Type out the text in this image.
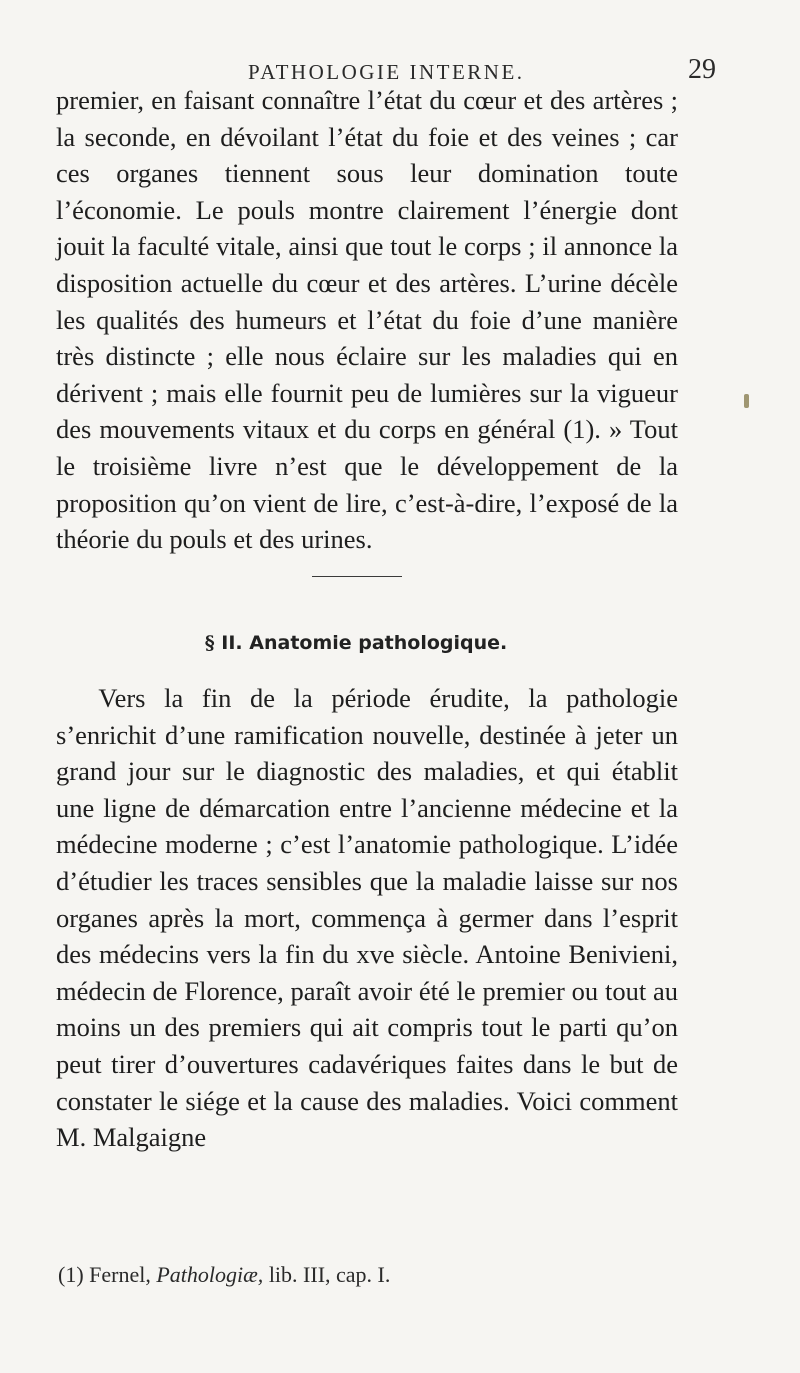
PATHOLOGIE INTERNE.	29

premier, en faisant connaître l’état du cœur et des artères ; la seconde, en dévoilant l’état du foie et des veines ; car ces organes tiennent sous leur domination toute l’économie. Le pouls montre clairement l’énergie dont jouit la faculté vitale, ainsi que tout le corps ; il annonce la disposition actuelle du cœur et des artères. L’urine décèle les qualités des humeurs et l’état du foie d’une manière très distincte ; elle nous éclaire sur les maladies qui en dérivent ; mais elle fournit peu de lumières sur la vigueur des mouvements vitaux et du corps en général (1). » Tout le troisième livre n’est que le développement de la proposition qu’on vient de lire, c’est-à-dire, l’exposé de la théorie du pouls et des urines.

§ II. Anatomie pathologique.

Vers la fin de la période érudite, la pathologie s’enrichit d’une ramification nouvelle, destinée à jeter un grand jour sur le diagnostic des maladies, et qui établit une ligne de démarcation entre l’ancienne médecine et la médecine moderne ; c’est l’anatomie pathologique. L’idée d’étudier les traces sensibles que la maladie laisse sur nos organes après la mort, commença à germer dans l’esprit des médecins vers la fin du xve siècle. Antoine Benivieni, médecin de Florence, paraît avoir été le premier ou tout au moins un des premiers qui ait compris tout le parti qu’on peut tirer d’ouvertures cadavériques faites dans le but de constater le siége et la cause des maladies. Voici comment M. Malgaigne

(1) Fernel, Pathologiæ, lib. III, cap. I.
